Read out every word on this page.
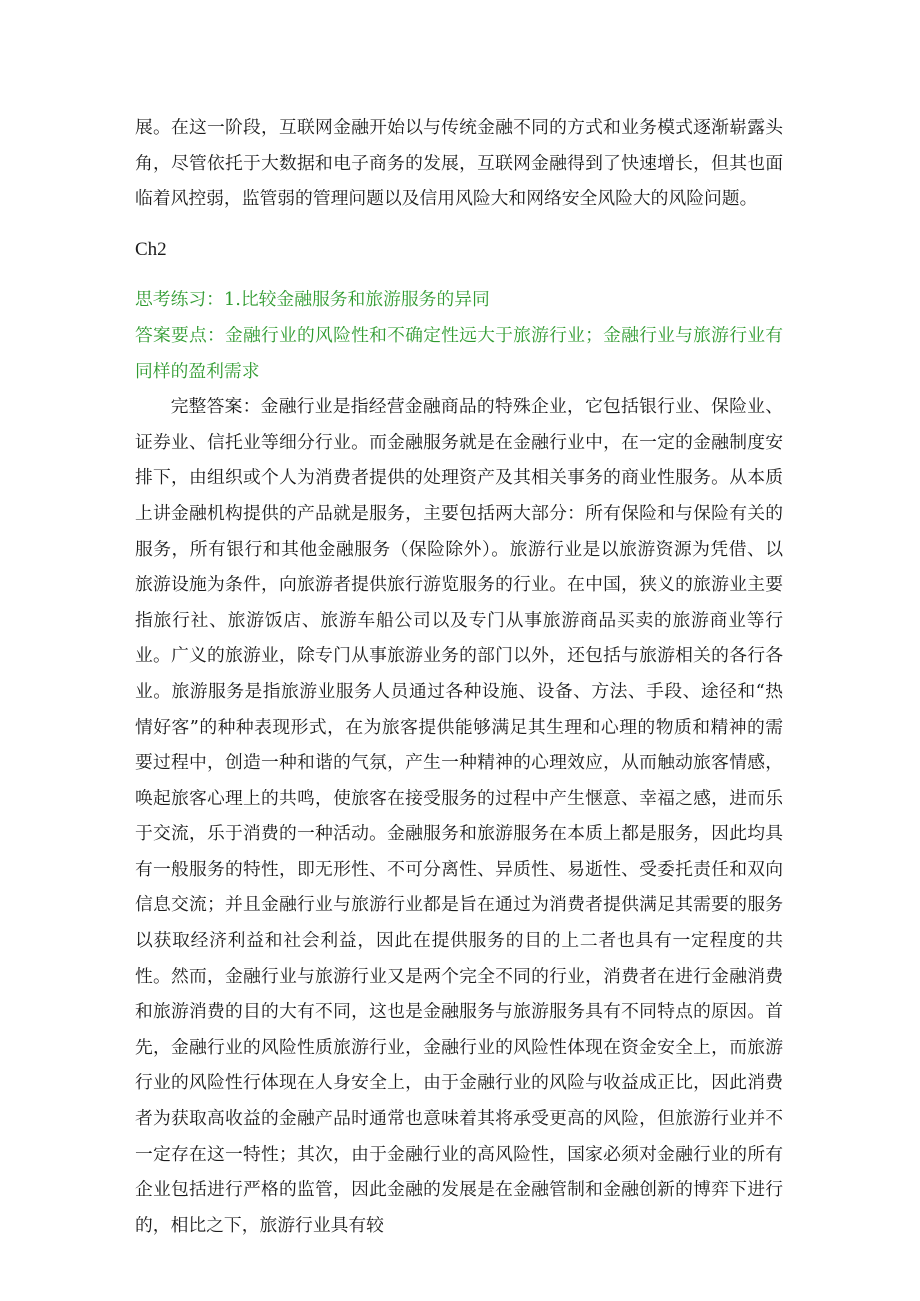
展。在这一阶段，互联网金融开始以与传统金融不同的方式和业务模式逐渐崭露头角，尽管依托于大数据和电子商务的发展，互联网金融得到了快速增长，但其也面临着风控弱，监管弱的管理问题以及信用风险大和网络安全风险大的风险问题。

Ch2

思考练习：1.比较金融服务和旅游服务的异同

答案要点：金融行业的风险性和不确定性远大于旅游行业；金融行业与旅游行业有同样的盈利需求

完整答案：金融行业是指经营金融商品的特殊企业，它包括银行业、保险业、证券业、信托业等细分行业。而金融服务就是在金融行业中，在一定的金融制度安排下，由组织或个人为消费者提供的处理资产及其相关事务的商业性服务。从本质上讲金融机构提供的产品就是服务，主要包括两大部分：所有保险和与保险有关的服务，所有银行和其他金融服务（保险除外）。旅游行业是以旅游资源为凭借、以旅游设施为条件，向旅游者提供旅行游览服务的行业。在中国，狭义的旅游业主要指旅行社、旅游饭店、旅游车船公司以及专门从事旅游商品买卖的旅游商业等行业。广义的旅游业，除专门从事旅游业务的部门以外，还包括与旅游相关的各行各业。旅游服务是指旅游业服务人员通过各种设施、设备、方法、手段、途径和“热情好客”的种种表现形式，在为旅客提供能够满足其生理和心理的物质和精神的需要过程中，创造一种和谐的气氛，产生一种精神的心理效应，从而触动旅客情感，唤起旅客心理上的共鸣，使旅客在接受服务的过程中产生惬意、幸福之感，进而乐于交流，乐于消费的一种活动。金融服务和旅游服务在本质上都是服务，因此均具有一般服务的特性，即无形性、不可分离性、异质性、易逝性、受委托责任和双向信息交流；并且金融行业与旅游行业都是旨在通过为消费者提供满足其需要的服务以获取经济利益和社会利益，因此在提供服务的目的上二者也具有一定程度的共性。然而，金融行业与旅游行业又是两个完全不同的行业，消费者在进行金融消费和旅游消费的目的大有不同，这也是金融服务与旅游服务具有不同特点的原因。首先，金融行业的风险性质旅游行业，金融行业的风险性体现在资金安全上，而旅游行业的风险性行体现在人身安全上，由于金融行业的风险与收益成正比，因此消费者为获取高收益的金融产品时通常也意味着其将承受更高的风险，但旅游行业并不一定存在这一特性；其次，由于金融行业的高风险性，国家必须对金融行业的所有企业包括进行严格的监管，因此金融的发展是在金融管制和金融创新的博弈下进行的，相比之下，旅游行业具有较
